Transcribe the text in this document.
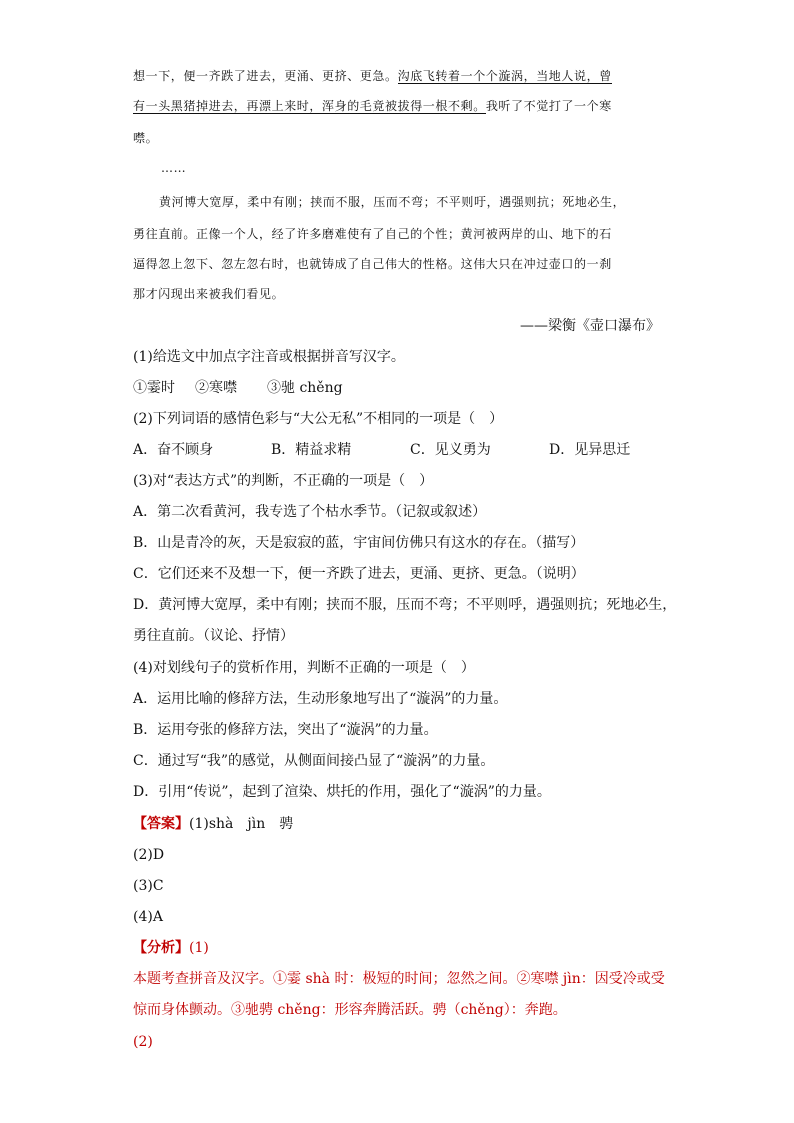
想一下，便一齐跌了进去，更涌、更挤、更急。沟底飞转着一个个漩涡，当地人说，曾
有一头黑猪掉进去，再漂上来时，浑身的毛竟被拔得一根不剩。我听了不觉打了一个寒
噤。
……
黄河博大宽厚，柔中有刚；挟而不服，压而不弯；不平则吁，遇强则抗；死地必生，
勇往直前。正像一个人，经了许多磨难使有了自己的个性；黄河被两岸的山、地下的石
逼得忽上忽下、忽左忽右时，也就铸成了自己伟大的性格。这伟大只在冲过壶口的一刹
那才闪现出来被我们看见。
——梁衡《壶口瀑布》
(1)给选文中加点字注音或根据拼音写汉字。
①霎时 ②寒噤 ③驰 chěng
(2)下列词语的感情色彩与“大公无私”不相同的一项是（　）
A．奋不顾身	B．精益求精	C．见义勇为	D．见异思迁
(3)对“表达方式”的判断，不正确的一项是（　）
A．第二次看黄河，我专选了个枯水季节。（记叙或叙述）
B．山是青冷的灰，天是寂寂的蓝，宇宙间仿佛只有这水的存在。（描写）
C．它们还来不及想一下，便一齐跌了进去，更涌、更挤、更急。（说明）
D．黄河博大宽厚，柔中有刚；挟而不服，压而不弯；不平则呼，遇强则抗；死地必生，
勇往直前。（议论、抒情）
(4)对划线句子的赏析作用，判断不正确的一项是（　）
A．运用比喻的修辞方法，生动形象地写出了“漩涡”的力量。
B．运用夸张的修辞方法，突出了“漩涡”的力量。
C．通过写“我”的感觉，从侧面间接凸显了“漩涡”的力量。
D．引用“传说”，起到了渲染、烘托的作用，强化了“漩涡”的力量。
【答案】(1)shà　jìn　骋
(2)D
(3)C
(4)A
【分析】(1)
本题考查拼音及汉字。①霎 shà 时：极短的时间；忽然之间。②寒噤 jìn：因受冷或受
惊而身体颤动。③驰骋 chěng：形容奔腾活跃。骋（chěng）：奔跑。
(2)
